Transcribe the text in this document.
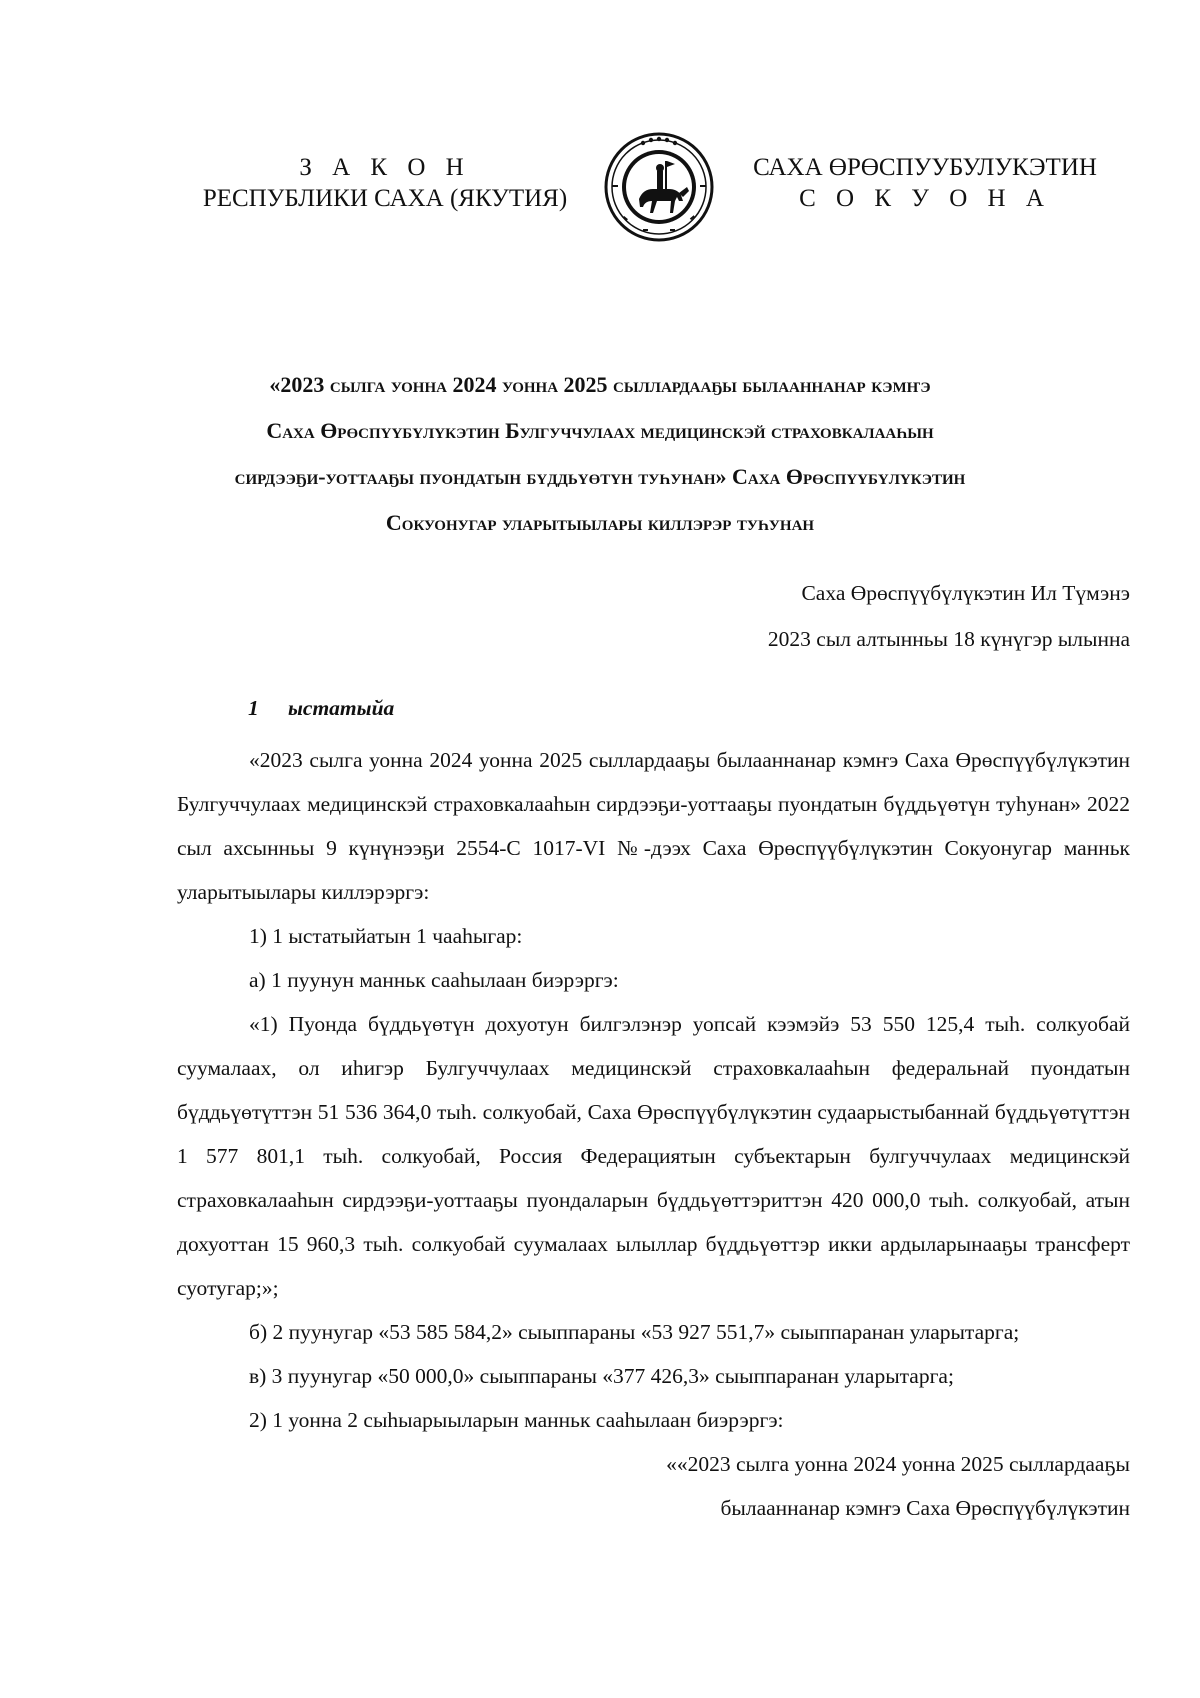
З А К О Н
РЕСПУБЛИКИ САХА (ЯКУТИЯ)
САХА ӨРӨСПУУБУЛУКЭТИН
С О К У О Н А
«2023 сылга уонна 2024 уонна 2025 сыллардааҕы былааннанар кэмҥэ
Саха Өрөспүүбүлүкэтин Булгуччулаах медицинскэй страховкалааһын
сирдээҕи-уоттааҕы пуондатын бүддьүөтүн туһунан» Саха Өрөспүүбүлүкэтин
Сокуонугар уларытыылары киллэрэр туһунан
Саха Өрөспүүбүлүкэтин Ил Түмэнэ
2023 сыл алтынньы 18 күнүгэр ылынна
1 ыстатыйа

«2023 сылга уонна 2024 уонна 2025 сыллардааҕы былааннанар кэмҥэ Саха Өрөспүүбүлүкэтин Булгуччулаах медицинскэй страховкалааһын сирдээҕи-уоттааҕы пуондатын бүддьүөтүн туһунан» 2022 сыл ахсынньы 9 күнүнээҕи 2554-С 1017-VI №-дээх Саха Өрөспүүбүлүкэтин Сокуонугар манньк уларытыылары киллэрэргэ:

1) 1 ыстатыйатын 1 чааһыгар:

а) 1 пуунун манньк сааһылаан биэрэргэ:

«1) Пуонда бүддьүөтүн дохуотун билгэлэнэр уопсай кээмэйэ 53 550 125,4 тыһ. солкуобай суумалаах, ол иһигэр Булгуччулаах медицинскэй страховкалааһын федеральнай пуондатын бүддьүөтүттэн 51 536 364,0 тыһ. солкуобай, Саха Өрөспүүбүлүкэтин судаарыстыбаннай бүддьүөтүттэн 1 577 801,1 тыһ. солкуобай, Россия Федерациятын субъектарын булгуччулаах медицинскэй страховкалааһын сирдээҕи-уоттааҕы пуондаларын бүддьүөттэриттэн 420 000,0 тыһ. солкуобай, атын дохуоттан 15 960,3 тыһ. солкуобай суумалаах ылыллар бүддьүөттэр икки ардыларынааҕы трансферт суотугар;»;

б) 2 пуунугар «53 585 584,2» сыыппараны «53 927 551,7» сыыппаранан уларытарга;

в) 3 пуунугар «50 000,0» сыыппараны «377 426,3» сыыппаранан уларытарга;

2) 1 уонна 2 сыһыарыыларын манньк сааһылаан биэрэргэ:

««2023 сылга уонна 2024 уонна 2025 сыллардааҕы

былааннанар кэмҥэ Саха Өрөспүүбүлүкэтин
